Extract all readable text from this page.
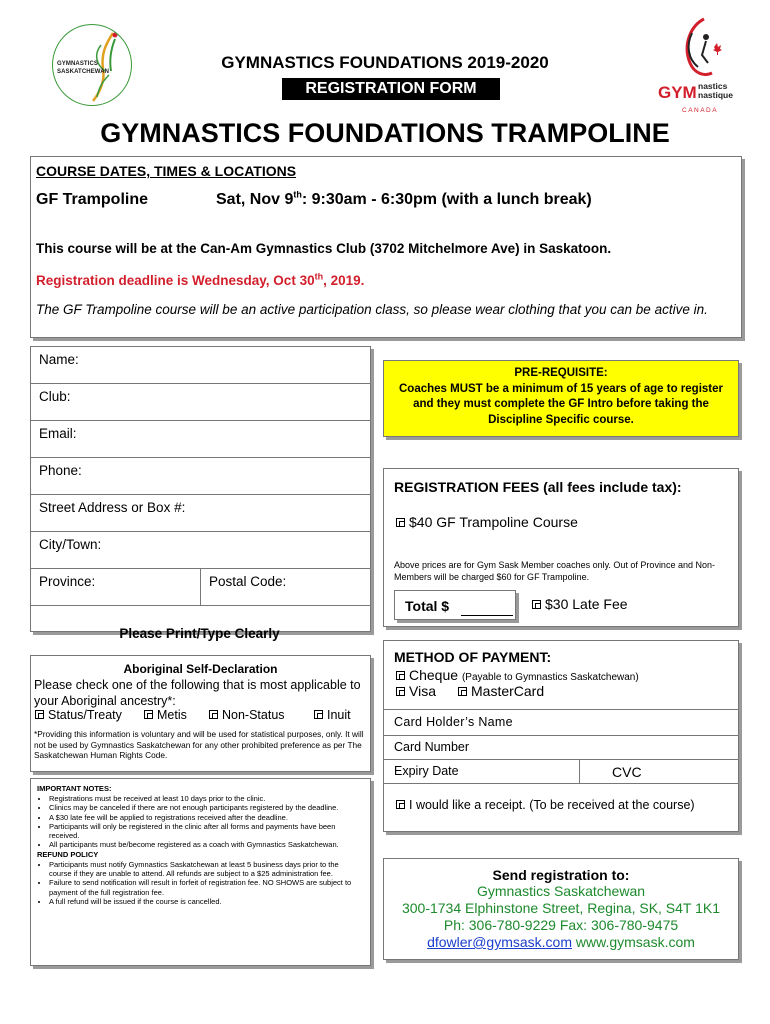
GYMNASTICS
SASKATCHEWAN	GYMNASTICS FOUNDATIONS 2019-2020
REGISTRATION FORM	GYM nastics
nastique
CANADA
GYMNASTICS FOUNDATIONS TRAMPOLINE
COURSE DATES, TIMES & LOCATIONS
GF Trampoline	Sat, Nov 9th: 9:30am - 6:30pm (with a lunch break)
This course will be at the Can-Am Gymnastics Club (3702 Mitchelmore Ave) in Saskatoon.
Registration deadline is Wednesday, Oct 30th, 2019.
The GF Trampoline course will be an active participation class, so please wear clothing that you can be active in.
Name:
Club:
Email:
Phone:
Street Address or Box #:
City/Town:
Province:	Postal Code:
Please Print/Type Clearly
Aboriginal Self-Declaration
Please check one of the following that is most applicable to your Aboriginal ancestry*:
Status/Treaty	Metis	Non-Status	Inuit
*Providing this information is voluntary and will be used for statistical purposes, only. It will not be used by Gymnastics Saskatchewan for any other prohibited preference as per The Saskatchewan Human Rights Code.
IMPORTANT NOTES:
• Registrations must be received at least 10 days prior to the clinic.
• Clinics may be canceled if there are not enough participants registered by the deadline.
• A $30 late fee will be applied to registrations received after the deadline.
• Participants will only be registered in the clinic after all forms and payments have been received.
• All participants must be/become registered as a coach with Gymnastics Saskatchewan.
REFUND POLICY
• Participants must notify Gymnastics Saskatchewan at least 5 business days prior to the course if they are unable to attend. All refunds are subject to a $25 administration fee.
• Failure to send notification will result in forfeit of registration fee. NO SHOWS are subject to payment of the full registration fee.
• A full refund will be issued if the course is cancelled.
PRE-REQUISITE:
Coaches MUST be a minimum of 15 years of age to register and they must complete the GF Intro before taking the Discipline Specific course.
REGISTRATION FEES (all fees include tax):
$40 GF Trampoline Course
Above prices are for Gym Sask Member coaches only. Out of Province and Non-Members will be charged $60 for GF Trampoline.
Total $	$30 Late Fee
METHOD OF PAYMENT:
Cheque (Payable to Gymnastics Saskatchewan)
Visa	MasterCard
Card Holder’s Name
Card Number
Expiry Date	CVC
I would like a receipt. (To be received at the course)
Send registration to:
Gymnastics Saskatchewan
300-1734 Elphinstone Street, Regina, SK, S4T 1K1
Ph: 306-780-9229 Fax: 306-780-9475
dfowler@gymsask.com www.gymsask.com
